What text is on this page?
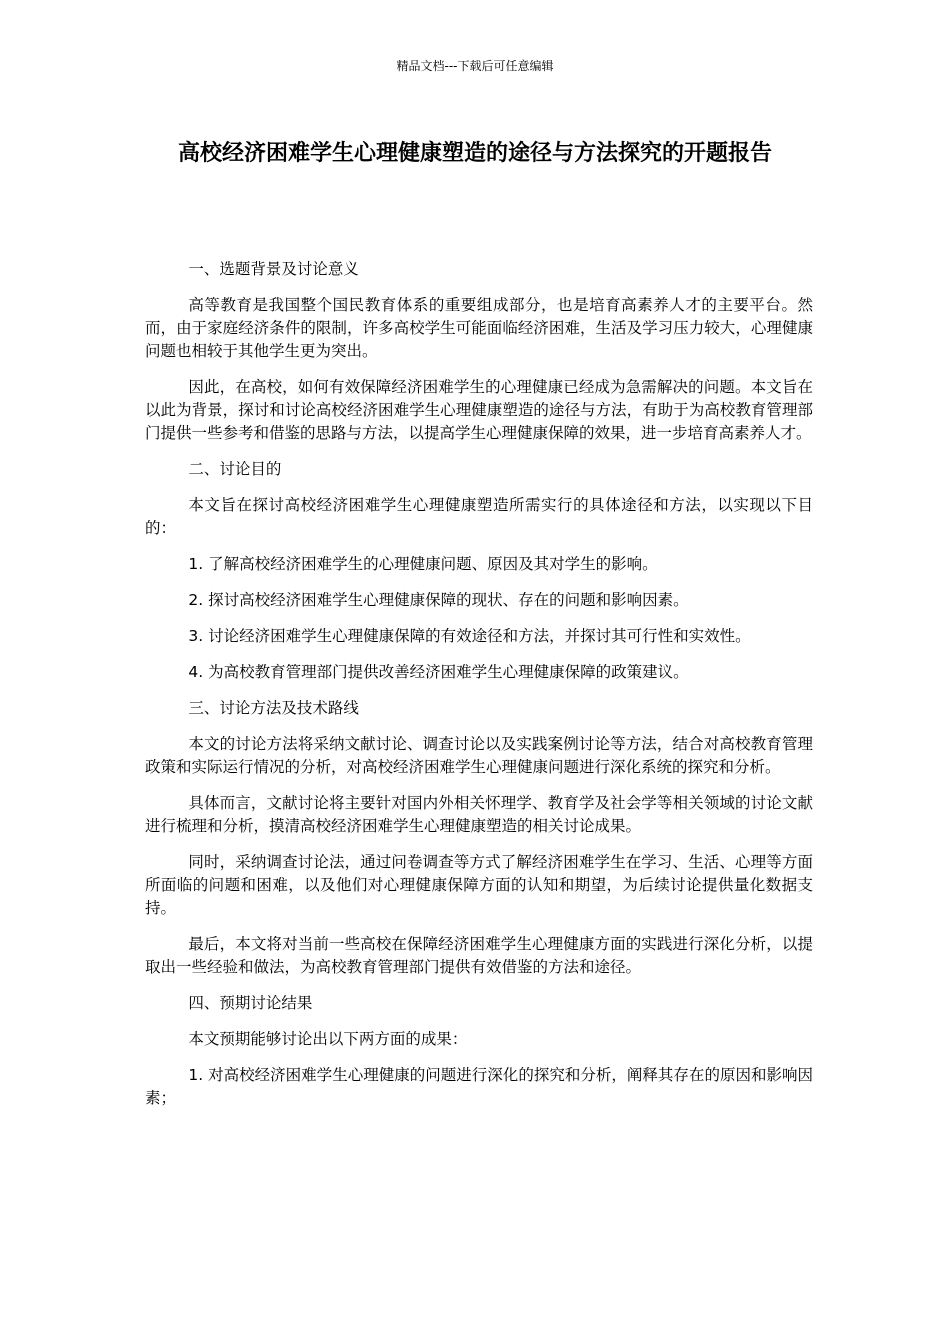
精品文档---下载后可任意编辑
高校经济困难学生心理健康塑造的途径与方法探究的开题报告

一、选题背景及讨论意义

高等教育是我国整个国民教育体系的重要组成部分，也是培育高素养人才的主要平台。然而，由于家庭经济条件的限制，许多高校学生可能面临经济困难，生活及学习压力较大，心理健康问题也相较于其他学生更为突出。

因此，在高校，如何有效保障经济困难学生的心理健康已经成为急需解决的问题。本文旨在以此为背景，探讨和讨论高校经济困难学生心理健康塑造的途径与方法，有助于为高校教育管理部门提供一些参考和借鉴的思路与方法，以提高学生心理健康保障的效果，进一步培育高素养人才。

二、讨论目的

本文旨在探讨高校经济困难学生心理健康塑造所需实行的具体途径和方法，以实现以下目的：

1. 了解高校经济困难学生的心理健康问题、原因及其对学生的影响。

2. 探讨高校经济困难学生心理健康保障的现状、存在的问题和影响因素。

3. 讨论经济困难学生心理健康保障的有效途径和方法，并探讨其可行性和实效性。

4. 为高校教育管理部门提供改善经济困难学生心理健康保障的政策建议。

三、讨论方法及技术路线

本文的讨论方法将采纳文献讨论、调查讨论以及实践案例讨论等方法，结合对高校教育管理政策和实际运行情况的分析，对高校经济困难学生心理健康问题进行深化系统的探究和分析。

具体而言，文献讨论将主要针对国内外相关怀理学、教育学及社会学等相关领域的讨论文献进行梳理和分析，摸清高校经济困难学生心理健康塑造的相关讨论成果。

同时，采纳调查讨论法，通过问卷调查等方式了解经济困难学生在学习、生活、心理等方面所面临的问题和困难，以及他们对心理健康保障方面的认知和期望，为后续讨论提供量化数据支持。

最后，本文将对当前一些高校在保障经济困难学生心理健康方面的实践进行深化分析，以提取出一些经验和做法，为高校教育管理部门提供有效借鉴的方法和途径。

四、预期讨论结果

本文预期能够讨论出以下两方面的成果：

1. 对高校经济困难学生心理健康的问题进行深化的探究和分析，阐释其存在的原因和影响因素；
